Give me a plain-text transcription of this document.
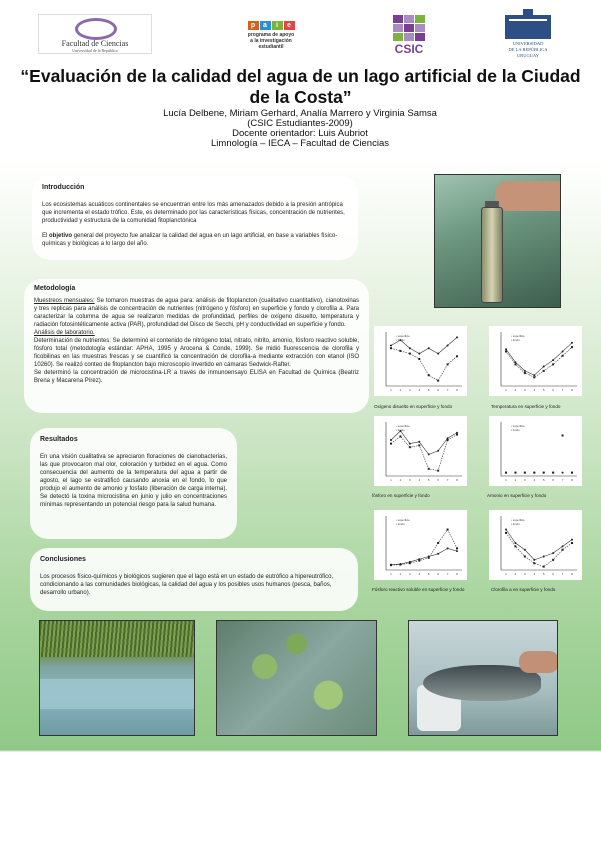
Facultad de Ciencias
Universidad de la República
p	a	i	e
programa de apoyo a la investigación estudiantil	CSIC	UNIVERSIDAD
DE LA REPÚBLICA
URUGUAY
“Evaluación de la calidad del agua de un lago artificial de la Ciudad de la Costa”
Lucía Delbene, Miriam Gerhard, Analía Marrero y Virginia Samsa
(CSIC Estudiantes-2009)
Docente orientador: Luis Aubriot
Limnología – IECA – Facultad de Ciencias
Introducción

Los ecosistemas acuáticos continentales se encuentran entre los más amenazados debido a la presión antrópica que incrementa el estado trófico. Este, es determinado por las características físicas, concentración de nutrientes, productividad y estructura de la comunidad fitoplanctónica

El objetivo general del proyecto fue analizar la calidad del agua en un lago artificial, en base a variables físico-químicas y biológicas a lo largo del año.

Metodología

Muestreos mensuales: Se tomaron muestras de agua para: análisis de fitoplancton (cualitativo cuantitativo), cianotoxinas y tres replicas para análisis de concentración de nutrientes (nitrógeno y fósforo) en superficie y fondo y clorofila a. Para caracterizar la columna de agua se realizaron medidas de profundidad, perfiles de oxígeno disuelto, temperatura y radiación fotosintéticamente activa (PAR), profundidad del Disco de Secchi, pH y conductividad en superficie y fondo.

Análisis de laboratorio.

Determinación de nutrientes: Se determinó el contenido de nitrógeno total, nitrato, nitrito, amonio, fósforo reactivo soluble, fósforo total (metodología estándar: APHA, 1995 y Arocena & Conde, 1999). Se midió fluorescencia de clorofila y ficobilinas en las muestras frescas y se cuantificó la concentración de clorofila-a mediante extracción con etanol (ISO 10260). Se realizó conteo de fitoplancton bajo microscopio invertido en cámaras Sedwick-Rafter.

Se determinó la concentración de microcistina-LR a través de inmunoensayo ELISA en Facultad de Química (Beatriz Brena y Macarena Pírez).

Resultados

En una visión cualitativa se apreciaron floraciones de cianobacterias, las que provocaron mal olor, coloración y turbidez en el agua. Como consecuencia del aumento de la temperatura del agua a partir de agosto, el lago se estratificó causando anoxia en el fondo, lo que produjo el aumento de amonio y fosfato (liberación de carga interna). Se detectó la toxina microcistina en junio y julio en concentraciones mínimas representando un potencial riesgo para la salud humana.

Conclusiones

Los procesos físico-químicos y biológicos sugieren que el lago está en un estado de eutrófico a hipereutrófico, condicionando a las comunidades biológicas, la calidad del agua y los posibles usos humanos (pesca, baños, desarrollo urbano).

1	2	3	4	5	6	7	8
• superficie
▪ fondo
Oxígeno disuelto en superficie y fondo
1	2	3	4	5	6	7	8
• superficie
▪ fondo
Temperatura en superficie y fondo
1	2	3	4	5	6	7	8
• superficie
▪ fondo
fósforo en superficie y fondo
1	2	3	4	5	6	7	8
• superficie
▪ fondo
Amonio en superficie y fondo
1	2	3	4	5	6	7	8
• superficie
▪ fondo
Fósforo reactivo soluble en superficie y fondo
1	2	3	4	5	6	7	8
• superficie
▪ fondo
Clorofila a en superficie y fondo
